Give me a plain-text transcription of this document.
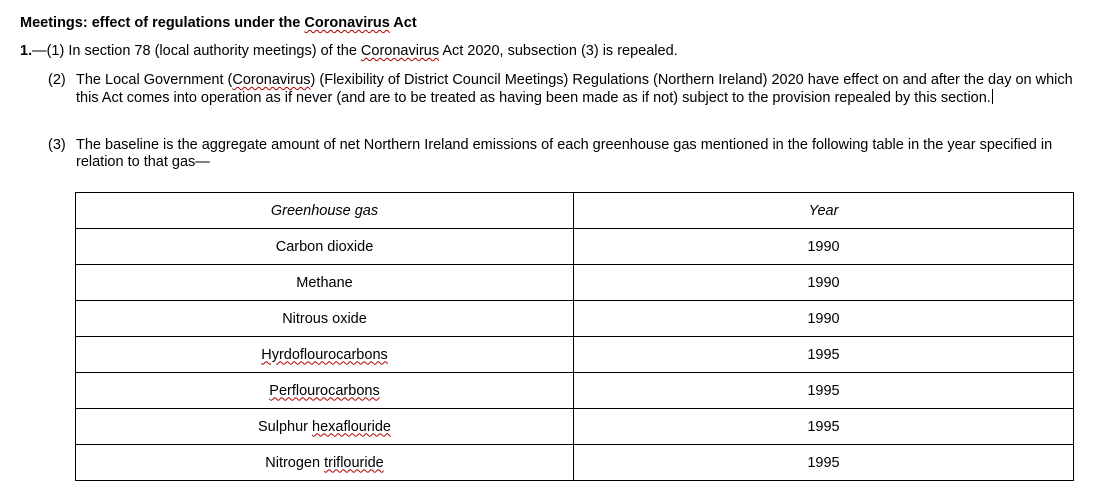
Meetings: effect of regulations under the Coronavirus Act
1.—(1) In section 78 (local authority meetings) of the Coronavirus Act 2020, subsection (3) is repealed.
(2) The Local Government (Coronavirus) (Flexibility of District Council Meetings) Regulations (Northern Ireland) 2020 have effect on and after the day on which this Act comes into operation as if never (and are to be treated as having been made as if not) subject to the provision repealed by this section.
(3) The baseline is the aggregate amount of net Northern Ireland emissions of each greenhouse gas mentioned in the following table in the year specified in relation to that gas—
Greenhouse gas	Year
Carbon dioxide	1990
Methane	1990
Nitrous oxide	1990
Hyrdoflourocarbons	1995
Perflourocarbons	1995
Sulphur hexaflouride	1995
Nitrogen triflouride	1995
